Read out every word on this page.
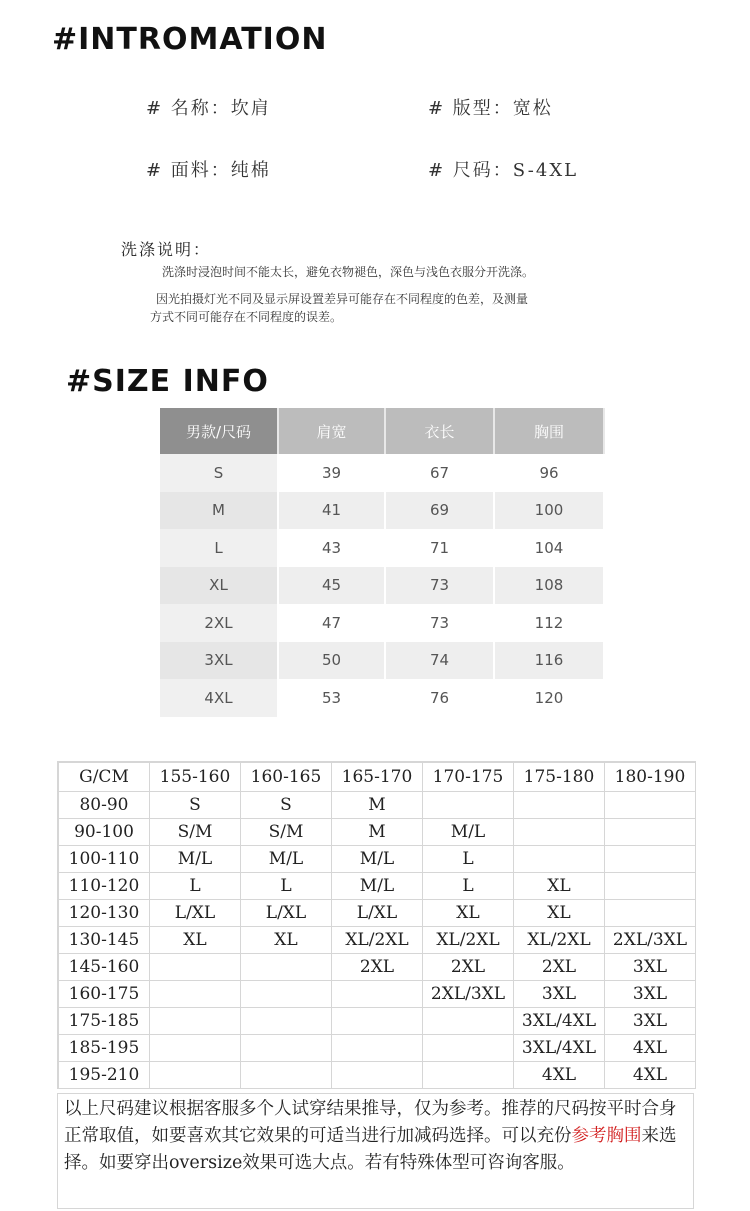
#INTROMATION
# 名称：坎肩	# 版型：宽松
# 面料：纯棉	# 尺码：S-4XL
洗涤说明：
洗涤时浸泡时间不能太长，避免衣物褪色，深色与浅色衣服分开洗涤。
因光拍摄灯光不同及显示屏设置差异可能存在不同程度的色差，及测量
方式不同可能存在不同程度的误差。
#SIZE INFO
男款/尺码	肩宽	衣长	胸围
S	39	67	96
M	41	69	100
L	43	71	104
XL	45	73	108
2XL	47	73	112
3XL	50	74	116
4XL	53	76	120
G/CM	155-160	160-165	165-170	170-175	175-180	180-190
80-90	S	S	M			
90-100	S/M	S/M	M	M/L		
100-110	M/L	M/L	M/L	L		
110-120	L	L	M/L	L	XL	
120-130	L/XL	L/XL	L/XL	XL	XL	
130-145	XL	XL	XL/2XL	XL/2XL	XL/2XL	2XL/3XL
145-160			2XL	2XL	2XL	3XL
160-175				2XL/3XL	3XL	3XL
175-185					3XL/4XL	3XL
185-195					3XL/4XL	4XL
195-210					4XL	4XL
以上尺码建议根据客服多个人试穿结果推导，仅为参考。推荐的尺码按平时合身正常取值，如要喜欢其它效果的可适当进行加减码选择。可以充份参考胸围来选择。如要穿出oversize效果可选大点。若有特殊体型可咨询客服。
